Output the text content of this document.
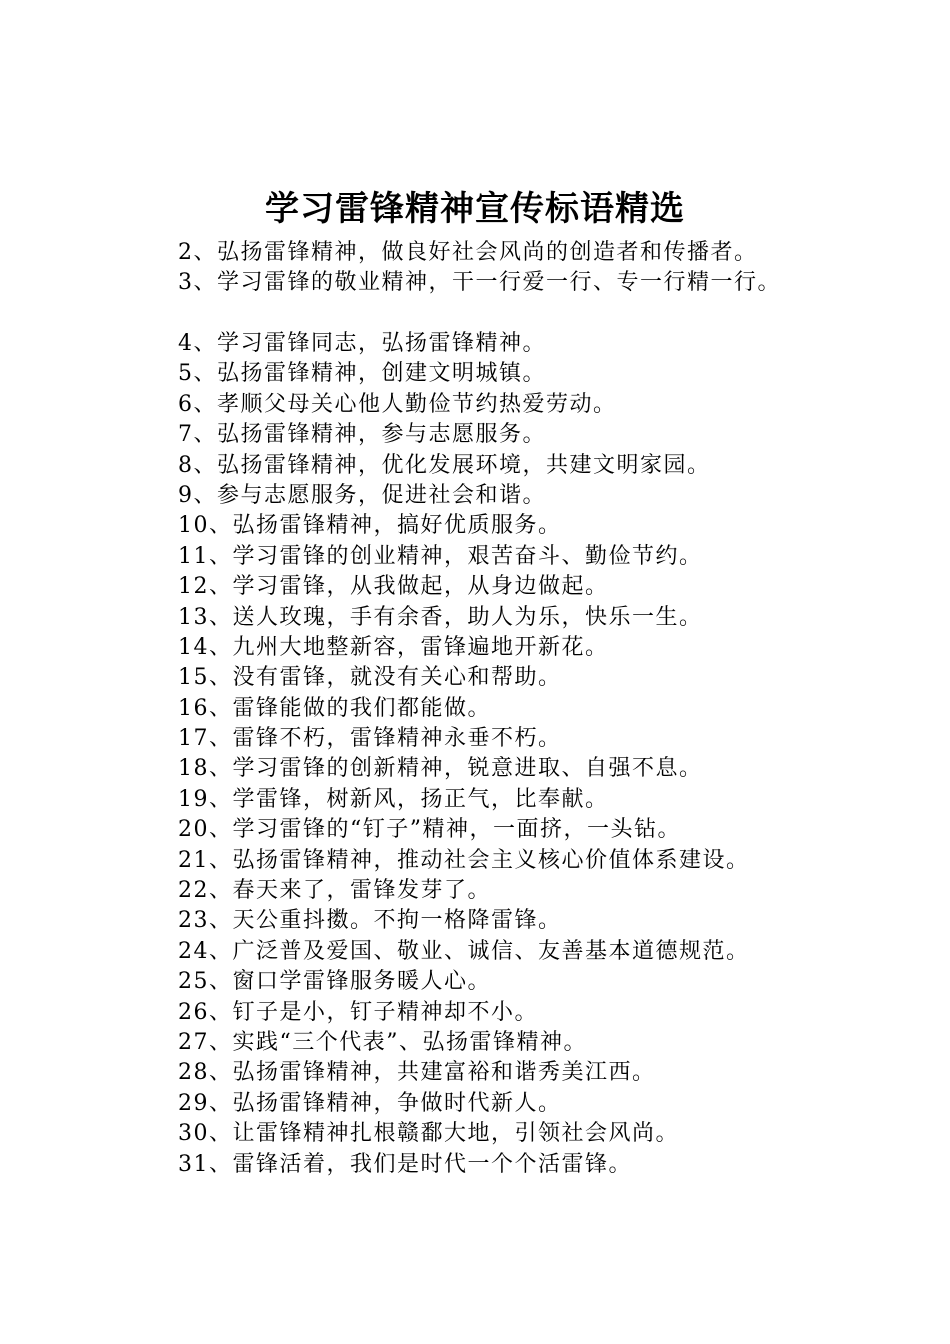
学习雷锋精神宣传标语精选
2、弘扬雷锋精神，做良好社会风尚的创造者和传播者。
3、学习雷锋的敬业精神，干一行爱一行、专一行精一行。
4、学习雷锋同志，弘扬雷锋精神。
5、弘扬雷锋精神，创建文明城镇。
6、孝顺父母关心他人勤俭节约热爱劳动。
7、弘扬雷锋精神，参与志愿服务。
8、弘扬雷锋精神，优化发展环境，共建文明家园。
9、参与志愿服务，促进社会和谐。
10、弘扬雷锋精神，搞好优质服务。
11、学习雷锋的创业精神，艰苦奋斗、勤俭节约。
12、学习雷锋，从我做起，从身边做起。
13、送人玫瑰，手有余香，助人为乐，快乐一生。
14、九州大地整新容，雷锋遍地开新花。
15、没有雷锋，就没有关心和帮助。
16、雷锋能做的我们都能做。
17、雷锋不朽，雷锋精神永垂不朽。
18、学习雷锋的创新精神，锐意进取、自强不息。
19、学雷锋，树新风，扬正气，比奉献。
20、学习雷锋的“钉子”精神，一面挤，一头钻。
21、弘扬雷锋精神，推动社会主义核心价值体系建设。
22、春天来了，雷锋发芽了。
23、天公重抖擞。不拘一格降雷锋。
24、广泛普及爱国、敬业、诚信、友善基本道德规范。
25、窗口学雷锋服务暖人心。
26、钉子是小，钉子精神却不小。
27、实践“三个代表”、弘扬雷锋精神。
28、弘扬雷锋精神，共建富裕和谐秀美江西。
29、弘扬雷锋精神，争做时代新人。
30、让雷锋精神扎根赣鄱大地，引领社会风尚。
31、雷锋活着，我们是时代一个个活雷锋。
